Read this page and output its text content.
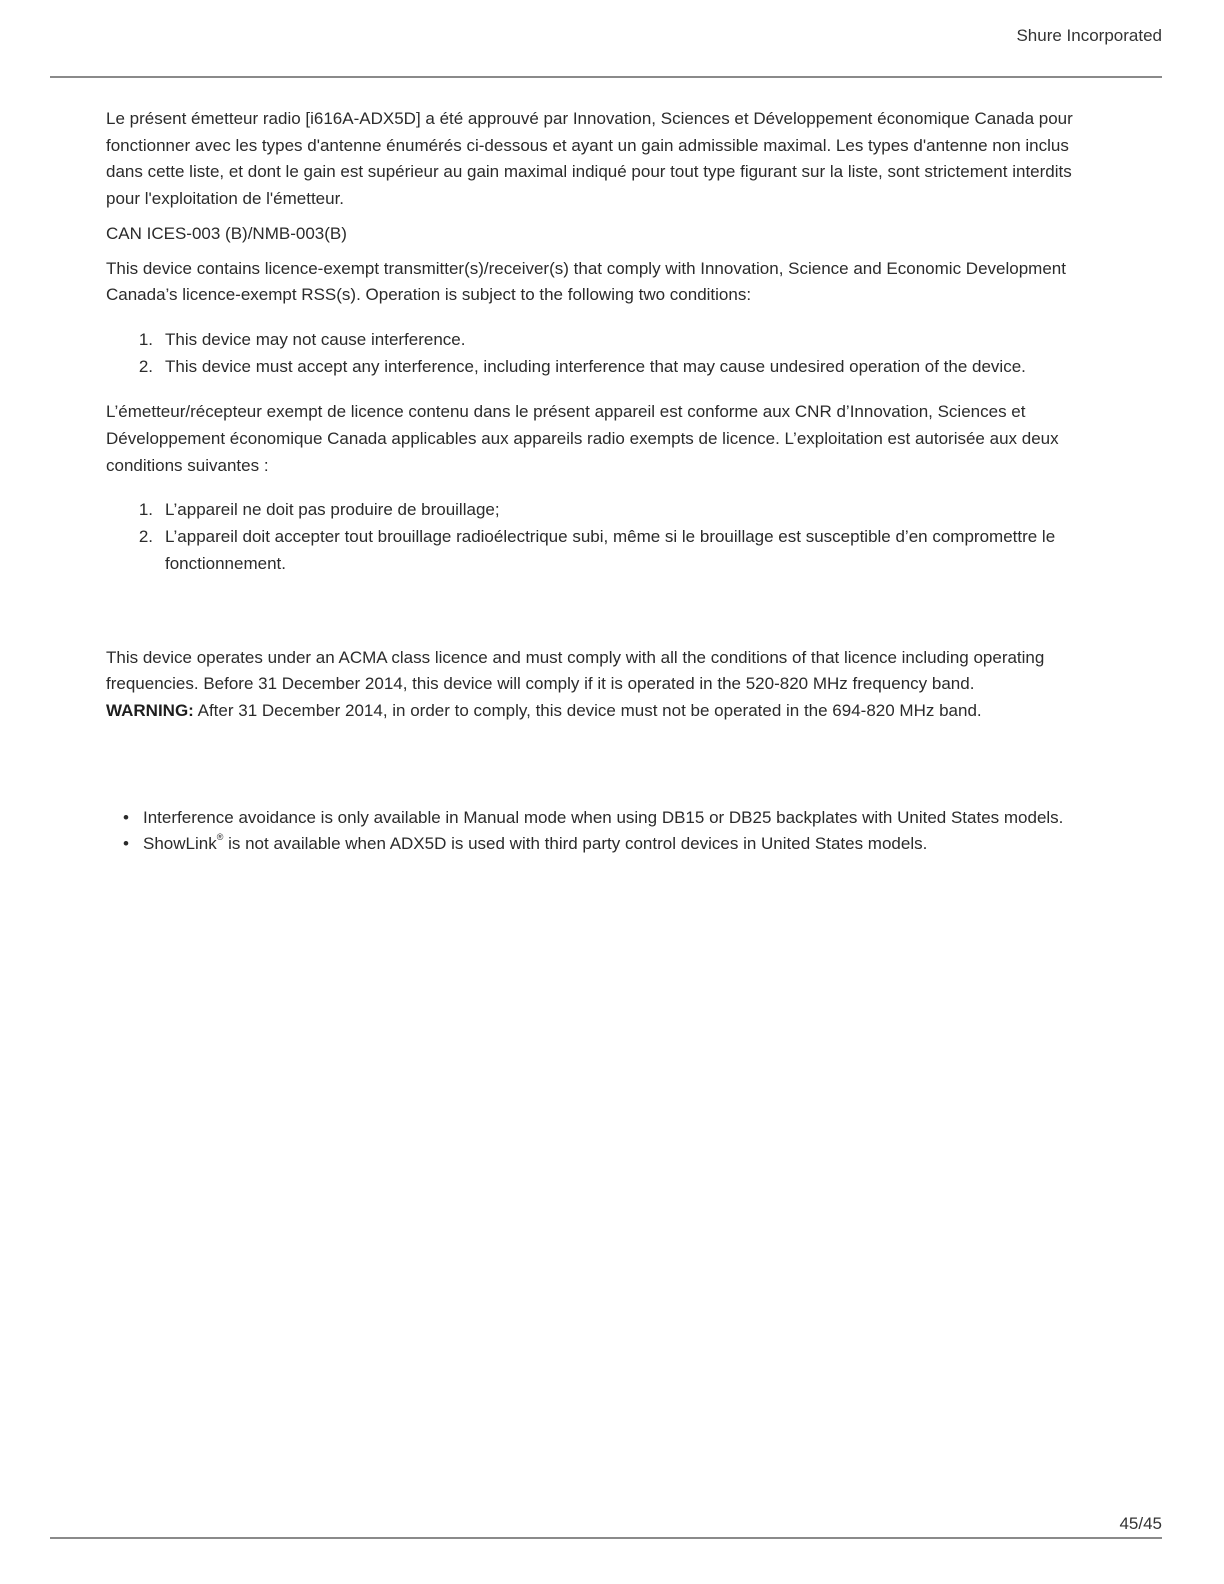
Shure Incorporated

Le présent émetteur radio [i616A-ADX5D] a été approuvé par Innovation, Sciences et Développement économique Canada pour fonctionner avec les types d'antenne énumérés ci-dessous et ayant un gain admissible maximal. Les types d'antenne non inclus dans cette liste, et dont le gain est supérieur au gain maximal indiqué pour tout type figurant sur la liste, sont strictement interdits pour l'exploitation de l'émetteur.

CAN ICES-003 (B)/NMB-003(B)

This device contains licence-exempt transmitter(s)/receiver(s) that comply with Innovation, Science and Economic Development Canada’s licence-exempt RSS(s). Operation is subject to the following two conditions:

1. This device may not cause interference.
2. This device must accept any interference, including interference that may cause undesired operation of the device.

L’émetteur/récepteur exempt de licence contenu dans le présent appareil est conforme aux CNR d’Innovation, Sciences et Développement économique Canada applicables aux appareils radio exempts de licence. L’exploitation est autorisée aux deux conditions suivantes :

1. L’appareil ne doit pas produire de brouillage;
2. L’appareil doit accepter tout brouillage radioélectrique subi, même si le brouillage est susceptible d’en compromettre le fonctionnement.

This device operates under an ACMA class licence and must comply with all the conditions of that licence including operating frequencies. Before 31 December 2014, this device will comply if it is operated in the 520-820 MHz frequency band.
WARNING: After 31 December 2014, in order to comply, this device must not be operated in the 694-820 MHz band.

• Interference avoidance is only available in Manual mode when using DB15 or DB25 backplates with United States models.
• ShowLink® is not available when ADX5D is used with third party control devices in United States models.
45/45
